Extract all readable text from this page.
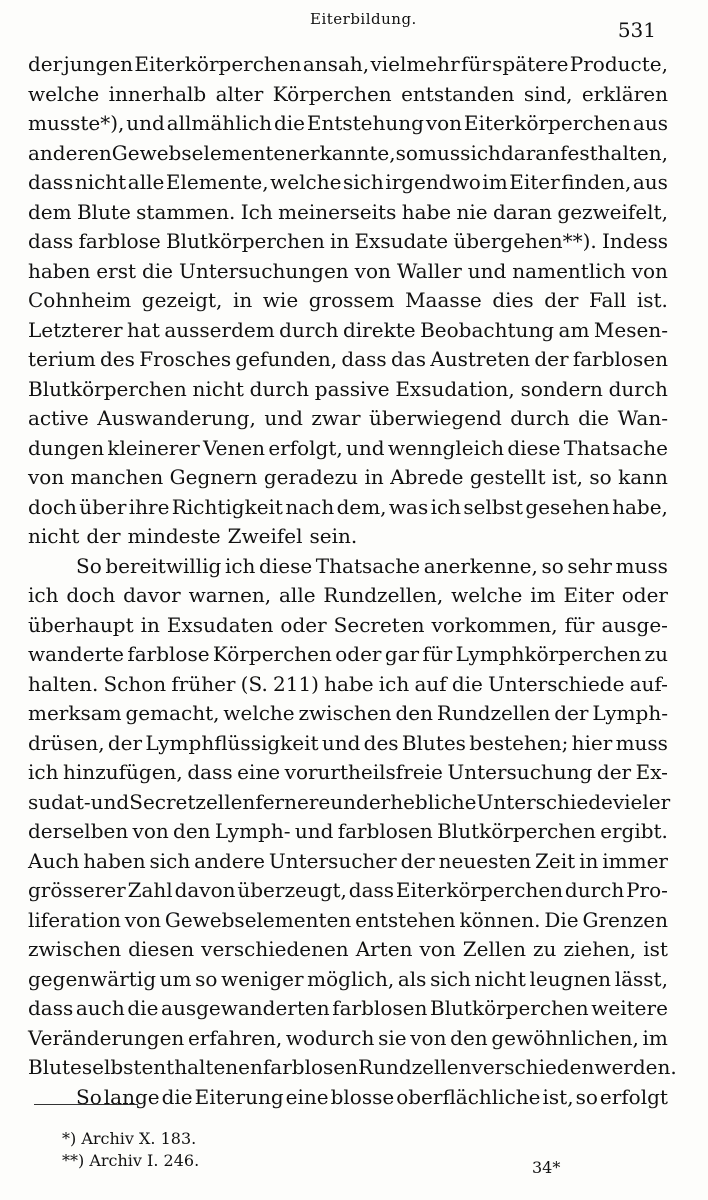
Eiterbildung.	531
der jungen Eiterkörperchen ansah, vielmehr für spätere Producte,
welche innerhalb alter Körperchen entstanden sind, erklären
musste*), und allmählich die Entstehung von Eiterkörperchen aus
anderen Gewebselementen erkannte, so muss ich daran festhalten,
dass nicht alle Elemente, welche sich irgendwo im Eiter finden, aus
dem Blute stammen. Ich meinerseits habe nie daran gezweifelt,
dass farblose Blutkörperchen in Exsudate übergehen**). Indess
haben erst die Untersuchungen von Waller und namentlich von
Cohnheim gezeigt, in wie grossem Maasse dies der Fall ist.
Letzterer hat ausserdem durch direkte Beobachtung am Mesen-
terium des Frosches gefunden, dass das Austreten der farblosen
Blutkörperchen nicht durch passive Exsudation, sondern durch
active Auswanderung, und zwar überwiegend durch die Wan-
dungen kleinerer Venen erfolgt, und wenngleich diese Thatsache
von manchen Gegnern geradezu in Abrede gestellt ist, so kann
doch über ihre Richtigkeit nach dem, was ich selbst gesehen habe,
nicht der mindeste Zweifel sein.
So bereitwillig ich diese Thatsache anerkenne, so sehr muss
ich doch davor warnen, alle Rundzellen, welche im Eiter oder
überhaupt in Exsudaten oder Secreten vorkommen, für ausge-
wanderte farblose Körperchen oder gar für Lymphkörperchen zu
halten. Schon früher (S. 211) habe ich auf die Unterschiede auf-
merksam gemacht, welche zwischen den Rundzellen der Lymph-
drüsen, der Lymphflüssigkeit und des Blutes bestehen; hier muss
ich hinzufügen, dass eine vorurtheilsfreie Untersuchung der Ex-
sudat- und Secretzellen fernere und erhebliche Unterschiede vieler
derselben von den Lymph- und farblosen Blutkörperchen ergibt.
Auch haben sich andere Untersucher der neuesten Zeit in immer
grösserer Zahl davon überzeugt, dass Eiterkörperchen durch Pro-
liferation von Gewebselementen entstehen können. Die Grenzen
zwischen diesen verschiedenen Arten von Zellen zu ziehen, ist
gegenwärtig um so weniger möglich, als sich nicht leugnen lässt,
dass auch die ausgewanderten farblosen Blutkörperchen weitere
Veränderungen erfahren, wodurch sie von den gewöhnlichen, im
Blute selbst enthaltenen farblosen Rundzellen verschieden werden.
So lange die Eiterung eine blosse oberflächliche ist, so erfolgt
*) Archiv X. 183.
**) Archiv I. 246.	34*
